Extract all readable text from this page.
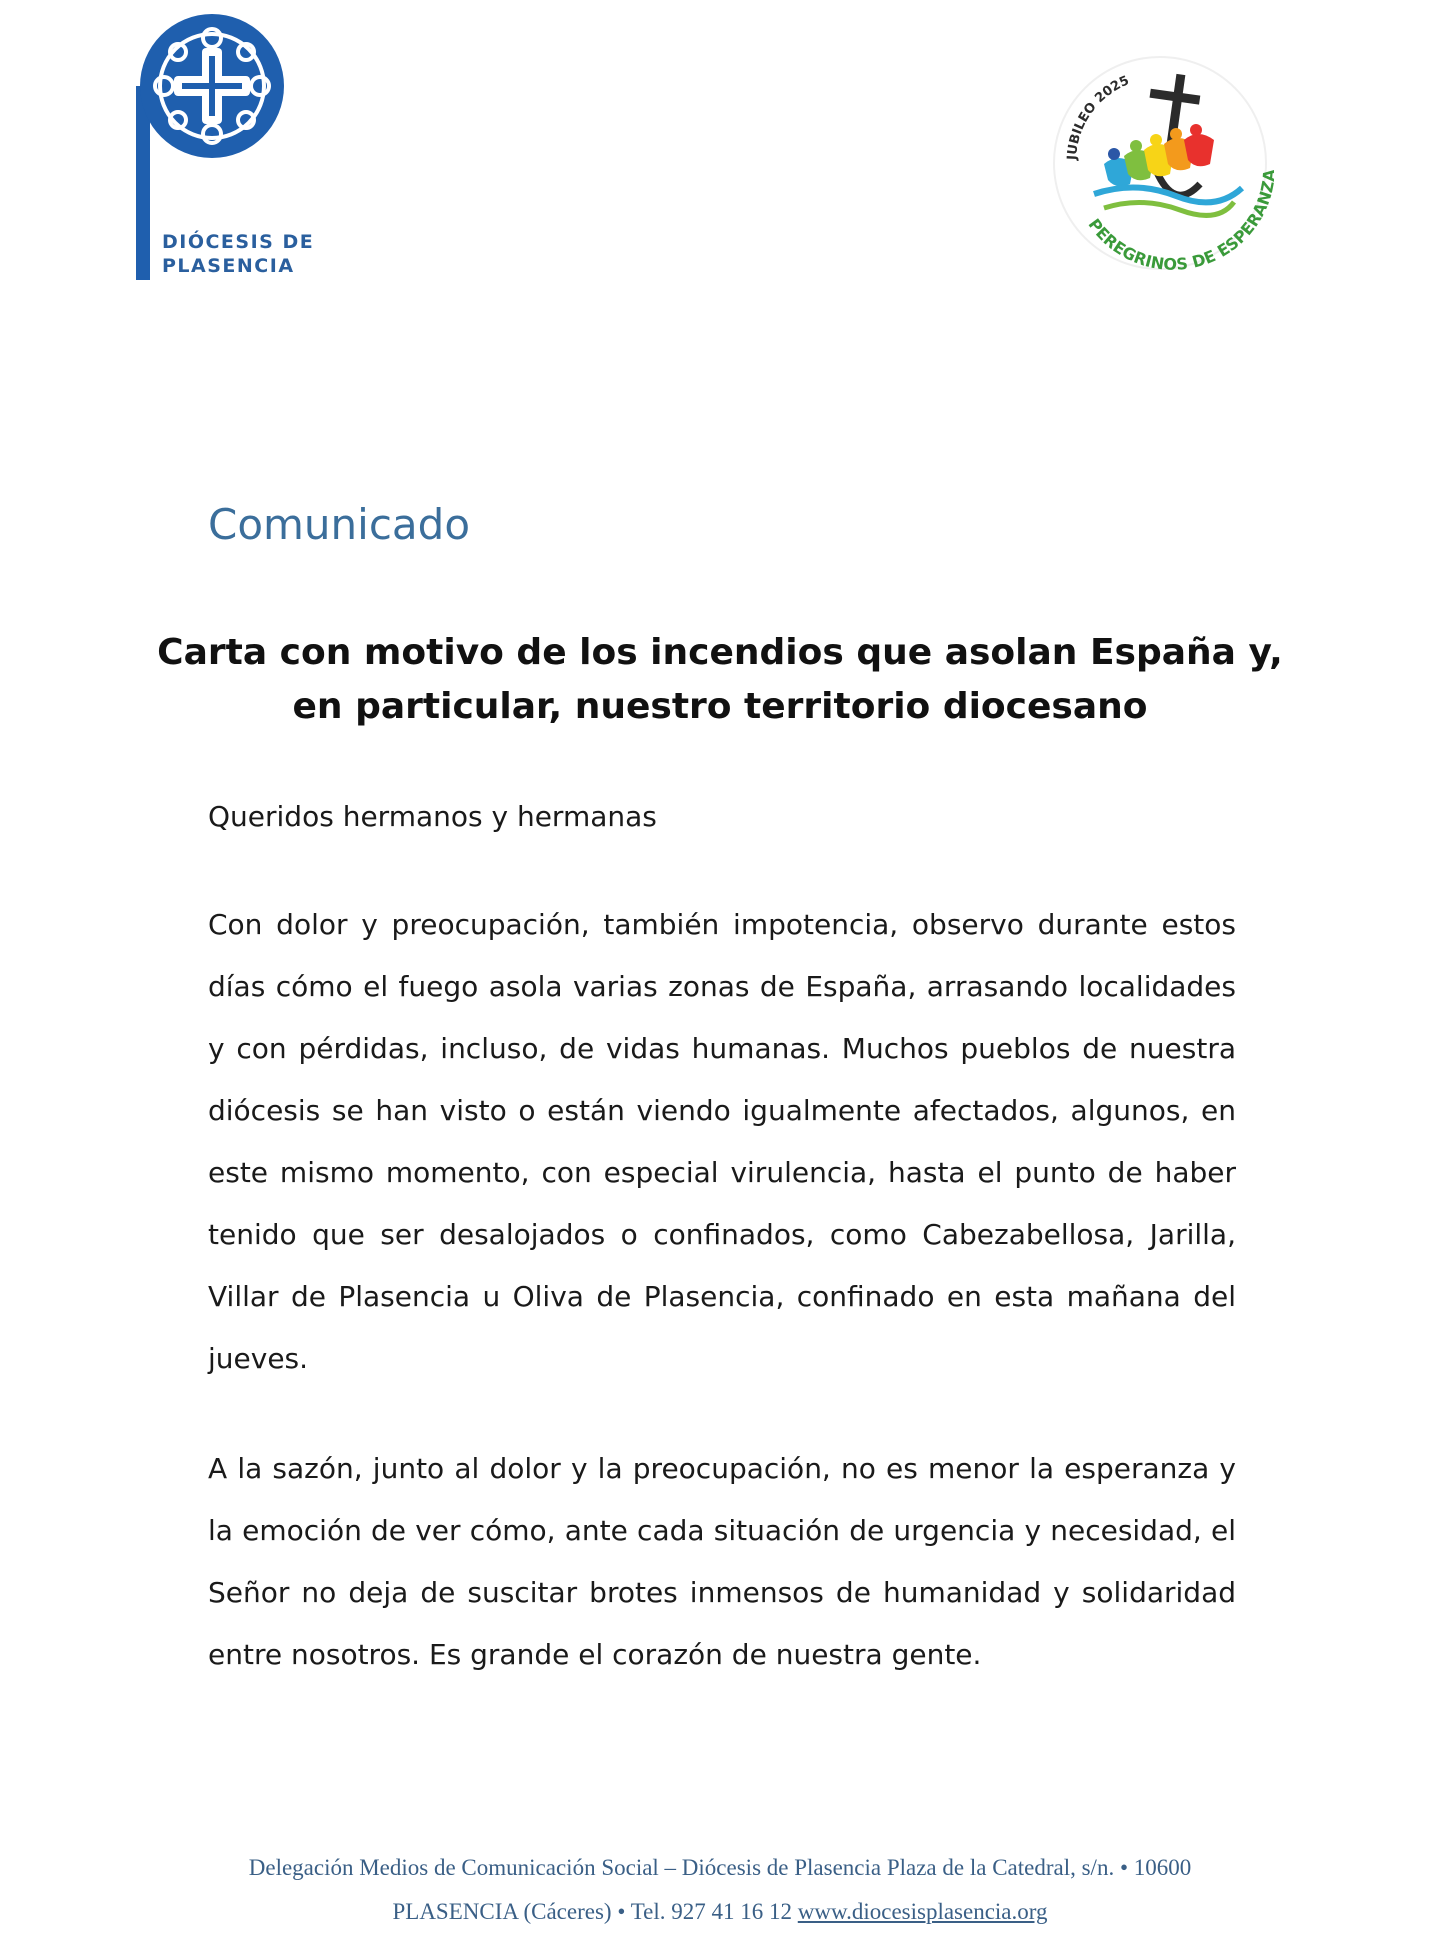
DIÓCESIS DE
PLASENCIA
JUBILEO 2025
PEREGRINOS DE ESPERAN
Comunicado
Carta con motivo de los incendios que asolan España y,
en particular, nuestro territorio diocesano

Queridos hermanos y hermanas

Con dolor y preocupación, también impotencia, observo durante estos días cómo el fuego asola varias zonas de España, arrasando localidades y con pérdidas, incluso, de vidas humanas. Muchos pueblos de nuestra diócesis se han visto o están viendo igualmente afectados, algunos, en este mismo momento, con especial virulencia, hasta el punto de haber tenido que ser desalojados o confinados, como Cabezabellosa, Jarilla, Villar de Plasencia u Oliva de Plasencia, confinado en esta mañana del jueves.

A la sazón, junto al dolor y la preocupación, no es menor la esperanza y la emoción de ver cómo, ante cada situación de urgencia y necesidad, el Señor no deja de suscitar brotes inmensos de humanidad y solidaridad entre nosotros. Es grande el corazón de nuestra gente.

Delegación Medios de Comunicación Social – Diócesis de Plasencia Plaza de la Catedral, s/n. • 10600
PLASENCIA (Cáceres) • Tel. 927 41 16 12 www.diocesisplasencia.org
